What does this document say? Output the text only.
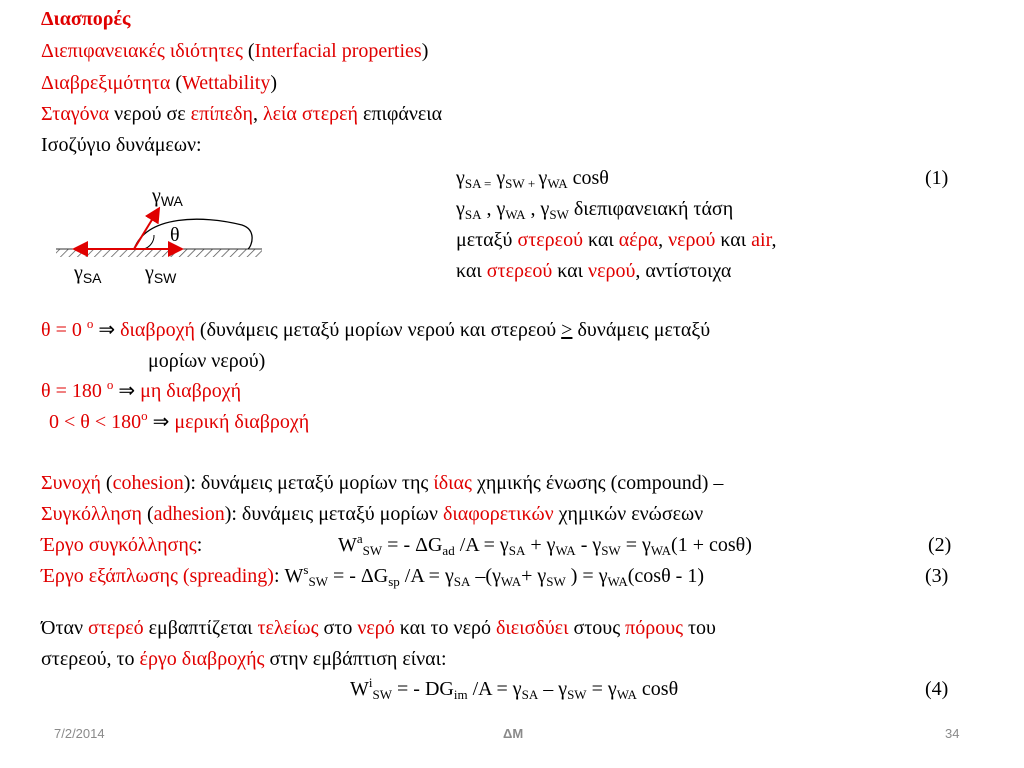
Διασπορές
Διεπιφανειακές ιδιότητες (Interfacial properties)
Διαβρεξιμότητα (Wettability)
Σταγόνα νερού σε επίπεδη, λεία στερεή επιφάνεια
Ισοζύγιο δυνάμεων:
$\gamma_{WA}$
θ
$\gamma_{SA}$ $\gamma_{SW}$
$\gamma_{SA =}$ $\gamma_{SW}$ $_+$ $\gamma_{WA}$ cosθ	(1)
$\gamma_{SA}$ , $\gamma_{WA}$ , $\gamma_{SW}$ διεπιφανειακή τάση
μεταξύ στερεού και αέρα, νερού και air,
και στερεού και νερού, αντίστοιχα
θ = 0 $^o$ ⇒ διαβροχή (δυνάμεις μεταξύ μορίων νερού και στερεού > δυνάμεις μεταξύ
μορίων νερού)
θ = 180 $^o$ ⇒ μη διαβροχή
$0 < \theta < 180^o$ ⇒ μερική διαβροχή
Συνοχή (cohesion): δυνάμεις μεταξύ μορίων της ίδιας χημικής ένωσης (compound) –
Συγκόλληση (adhesion): δυνάμεις μεταξύ μορίων διαφορετικών χημικών ενώσεων
Έργο συγκόλλησης:	$W^a_{SW}$ = - $\Delta G_{ad}$ $/A = \gamma_{SA} + \gamma_{WA} - \gamma_{SW} = \gamma_{WA}(1 + \cos\theta)$	(2)
Έργο εξάπλωσης (spreading): $W^s_{SW}$ = - $\Delta G_{sp}$ $/A = \gamma_{SA}$ $-(\gamma_{WA}+ \gamma_{SW}$ ) = $\gamma_{WA}(\cos\theta - 1)$	(3)
Όταν στερεό εμβαπτίζεται τελείως στο νερό και το νερό διεισδύει στους πόρους του
στερεού, το έργο διαβροχής στην εμβάπτιση είναι:
$W^i_{SW}$ = - $DG_{im}$ $/A = \gamma_{SA} - \gamma_{SW} = \gamma_{WA}$ cosθ	(4)
7/2/2014	ΔΜ	34
